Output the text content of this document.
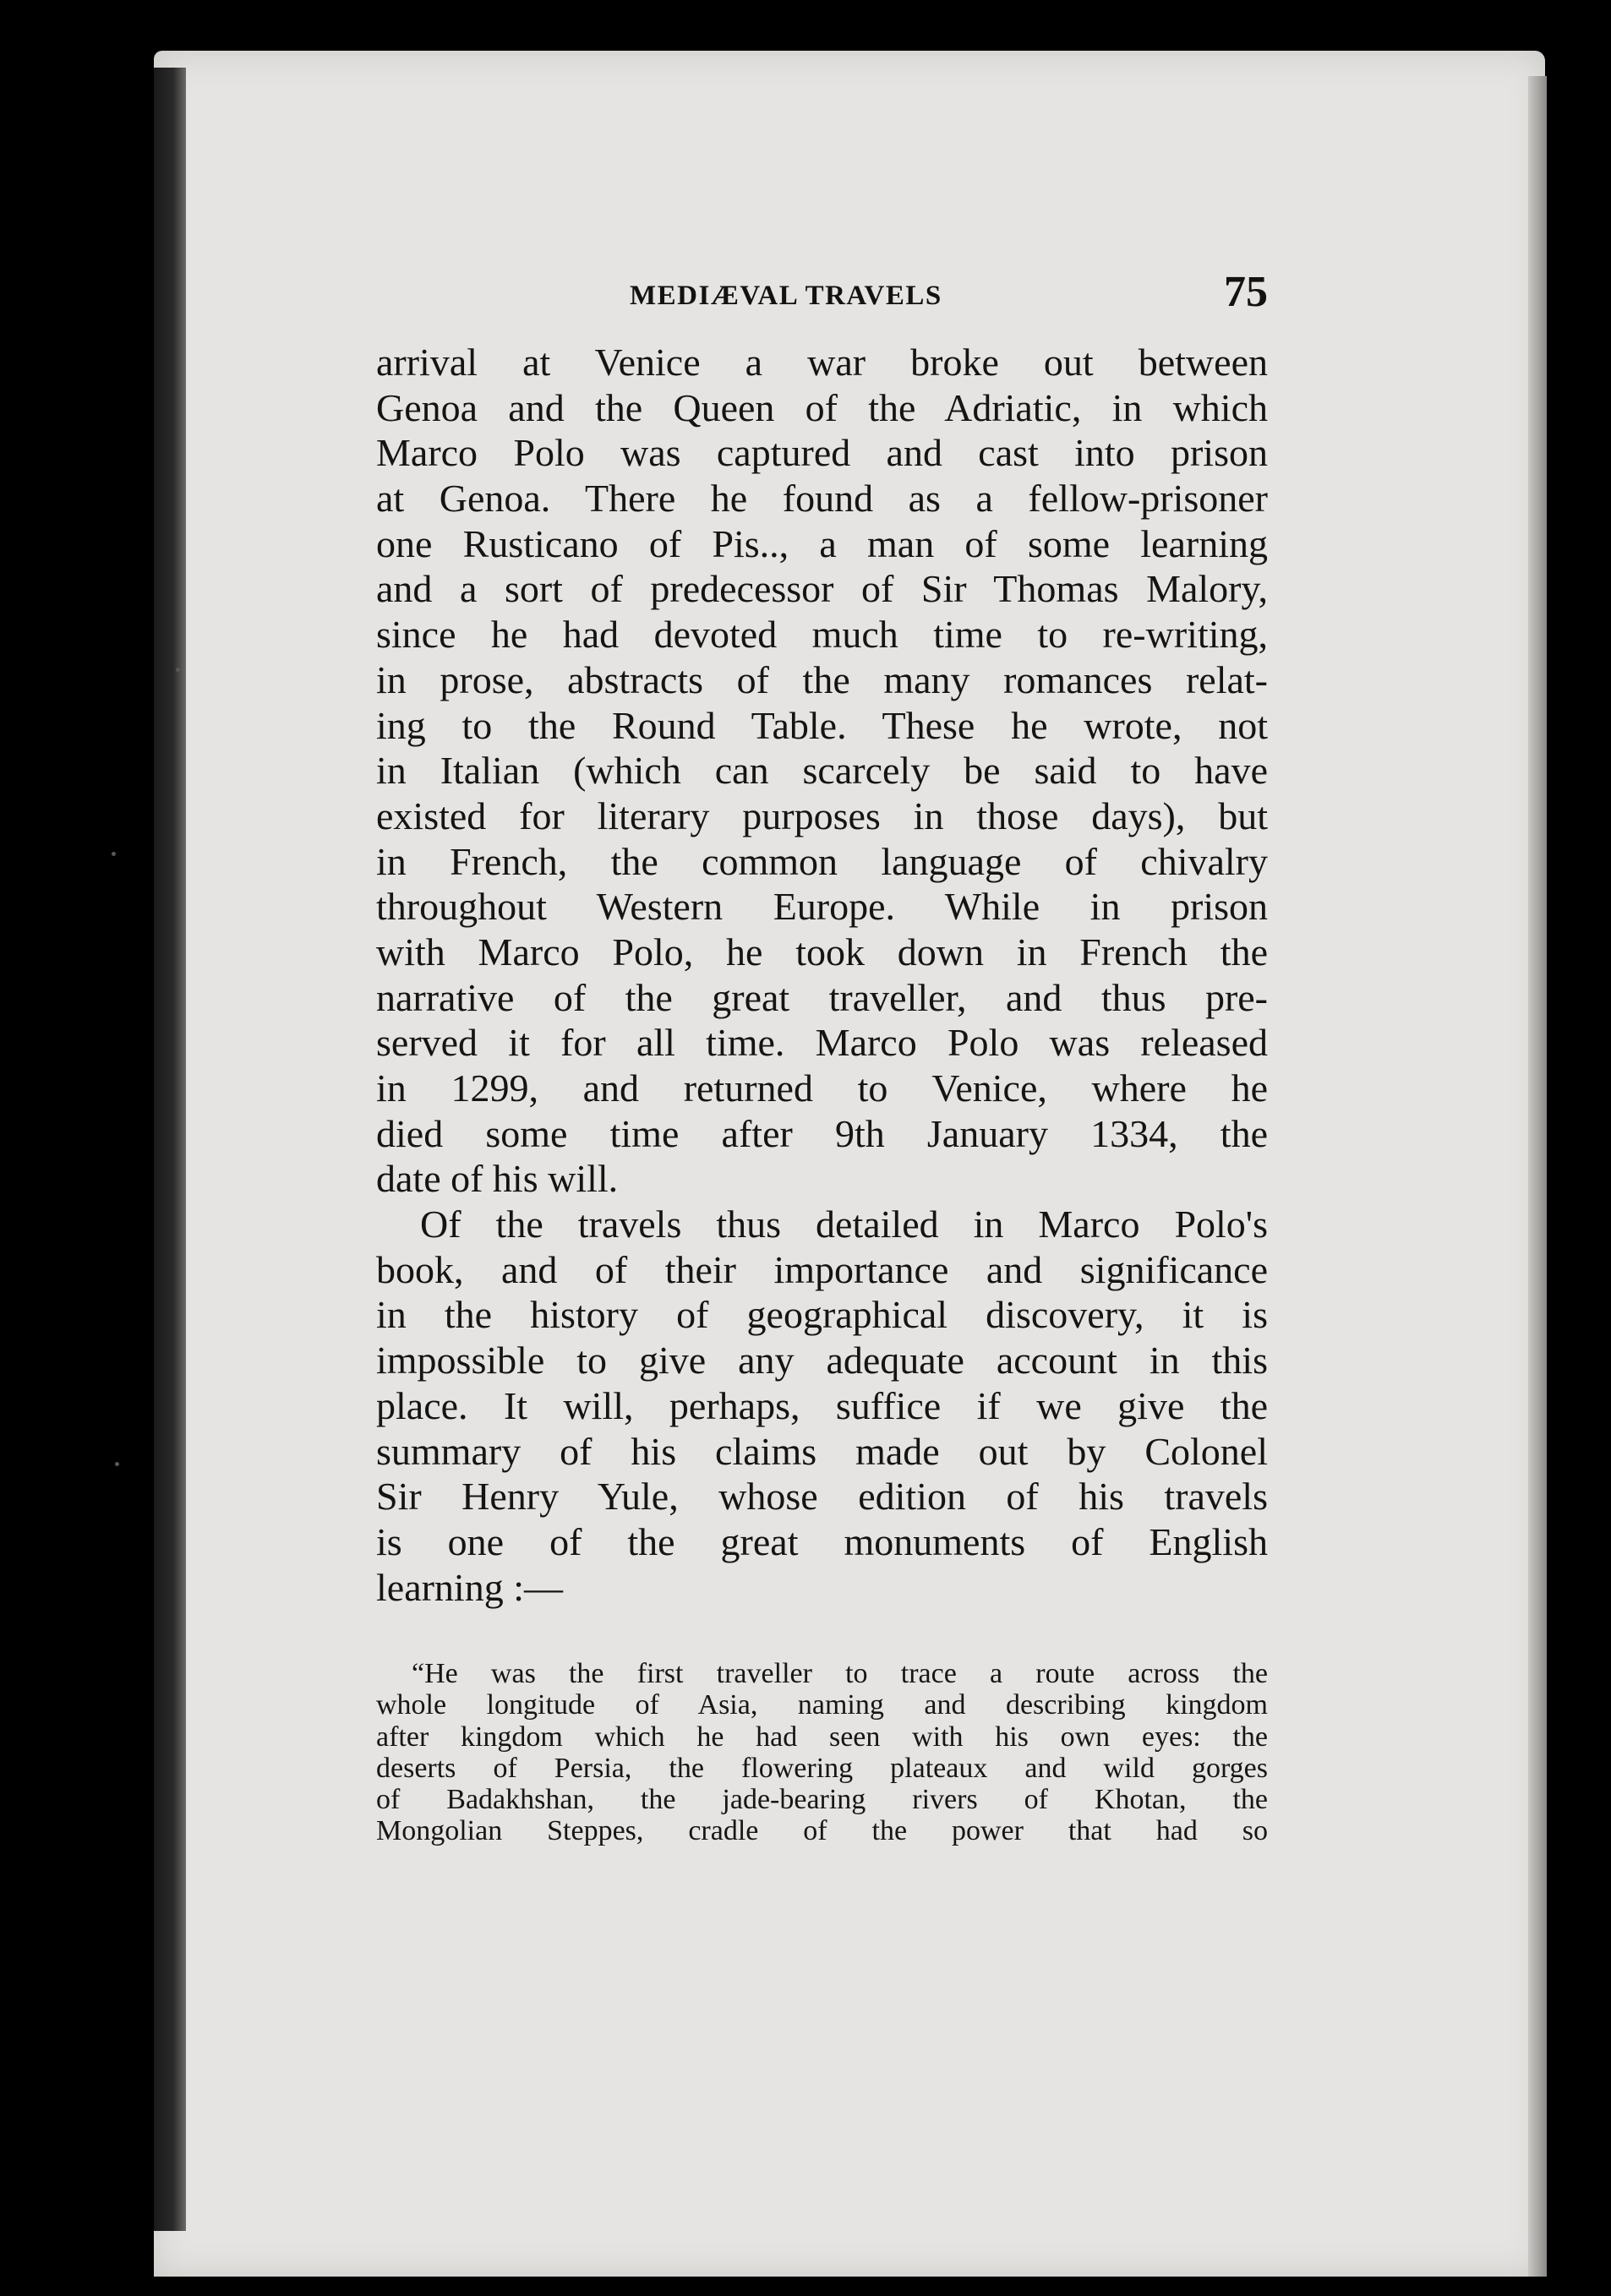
MEDIÆVAL TRAVELS	75
arrival at Venice a war broke out between
Genoa and the Queen of the Adriatic, in which
Marco Polo was captured and cast into prison
at Genoa. There he found as a fellow-prisoner
one Rusticano of Pis.., a man of some learning
and a sort of predecessor of Sir Thomas Malory,
since he had devoted much time to re-writing,
in prose, abstracts of the many romances relat-
ing to the Round Table. These he wrote, not
in Italian (which can scarcely be said to have
existed for literary purposes in those days), but
in French, the common language of chivalry
throughout Western Europe. While in prison
with Marco Polo, he took down in French the
narrative of the great traveller, and thus pre-
served it for all time. Marco Polo was released
in 1299, and returned to Venice, where he
died some time after 9th January 1334, the
date of his will.
Of the travels thus detailed in Marco Polo's
book, and of their importance and significance
in the history of geographical discovery, it is
impossible to give any adequate account in this
place. It will, perhaps, suffice if we give the
summary of his claims made out by Colonel
Sir Henry Yule, whose edition of his travels
is one of the great monuments of English
learning :—
“He was the first traveller to trace a route across the
whole longitude of Asia, naming and describing kingdom
after kingdom which he had seen with his own eyes: the
deserts of Persia, the flowering plateaux and wild gorges
of Badakhshan, the jade-bearing rivers of Khotan, the
Mongolian Steppes, cradle of the power that had so
